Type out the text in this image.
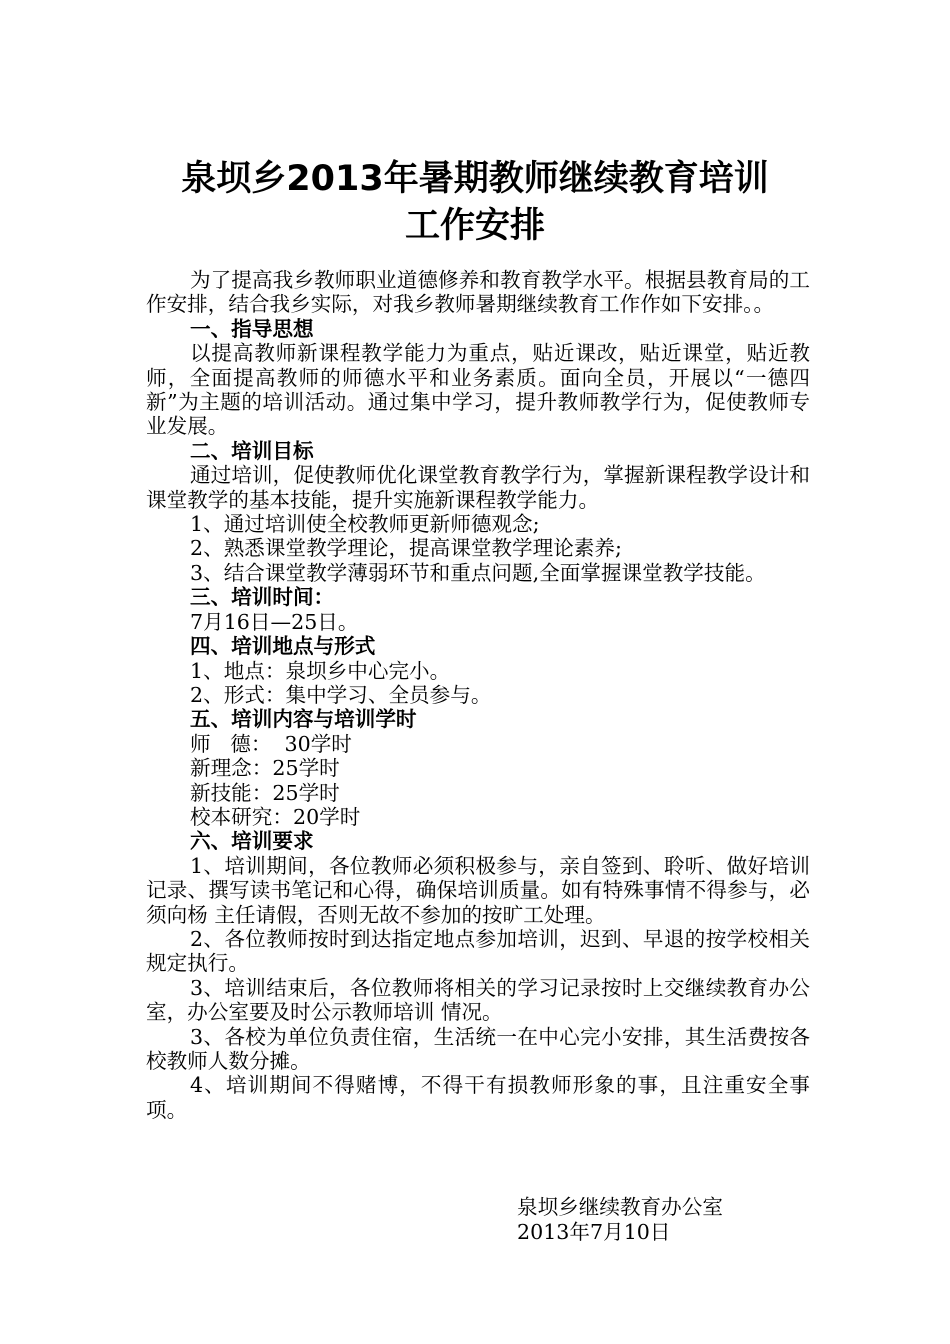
泉坝乡2013年暑期教师继续教育培训
工作安排

为了提高我乡教师职业道德修养和教育教学水平。根据县教育局的工作安排，结合我乡实际，对我乡教师暑期继续教育工作作如下安排。。

一、指导思想

以提高教师新课程教学能力为重点，贴近课改，贴近课堂，贴近教师，全面提高教师的师德水平和业务素质。面向全员，开展以“一德四新”为主题的培训活动。通过集中学习，提升教师教学行为，促使教师专业发展。

二、培训目标

通过培训，促使教师优化课堂教育教学行为，掌握新课程教学设计和课堂教学的基本技能，提升实施新课程教学能力。

1、通过培训使全校教师更新师德观念;

2、熟悉课堂教学理论，提高课堂教学理论素养;

3、结合课堂教学薄弱环节和重点问题,全面掌握课堂教学技能。

三、培训时间：

7月16日—25日。

四、培训地点与形式

1、地点：泉坝乡中心完小。

2、形式：集中学习、全员参与。

五、培训内容与培训学时

师   德：  30学时

新理念：25学时

新技能：25学时

校本研究：20学时

六、培训要求

1、培训期间，各位教师必须积极参与，亲自签到、聆听、做好培训记录、撰写读书笔记和心得，确保培训质量。如有特殊事情不得参与，必须向杨 主任请假，否则无故不参加的按旷工处理。

2、各位教师按时到达指定地点参加培训，迟到、早退的按学校相关规定执行。

3、培训结束后，各位教师将相关的学习记录按时上交继续教育办公室，办公室要及时公示教师培训 情况。

3、各校为单位负责住宿，生活统一在中心完小安排，其生活费按各校教师人数分摊。

4、培训期间不得赌博，不得干有损教师形象的事，且注重安全事项。

泉坝乡继续教育办公室
2013年7月10日
